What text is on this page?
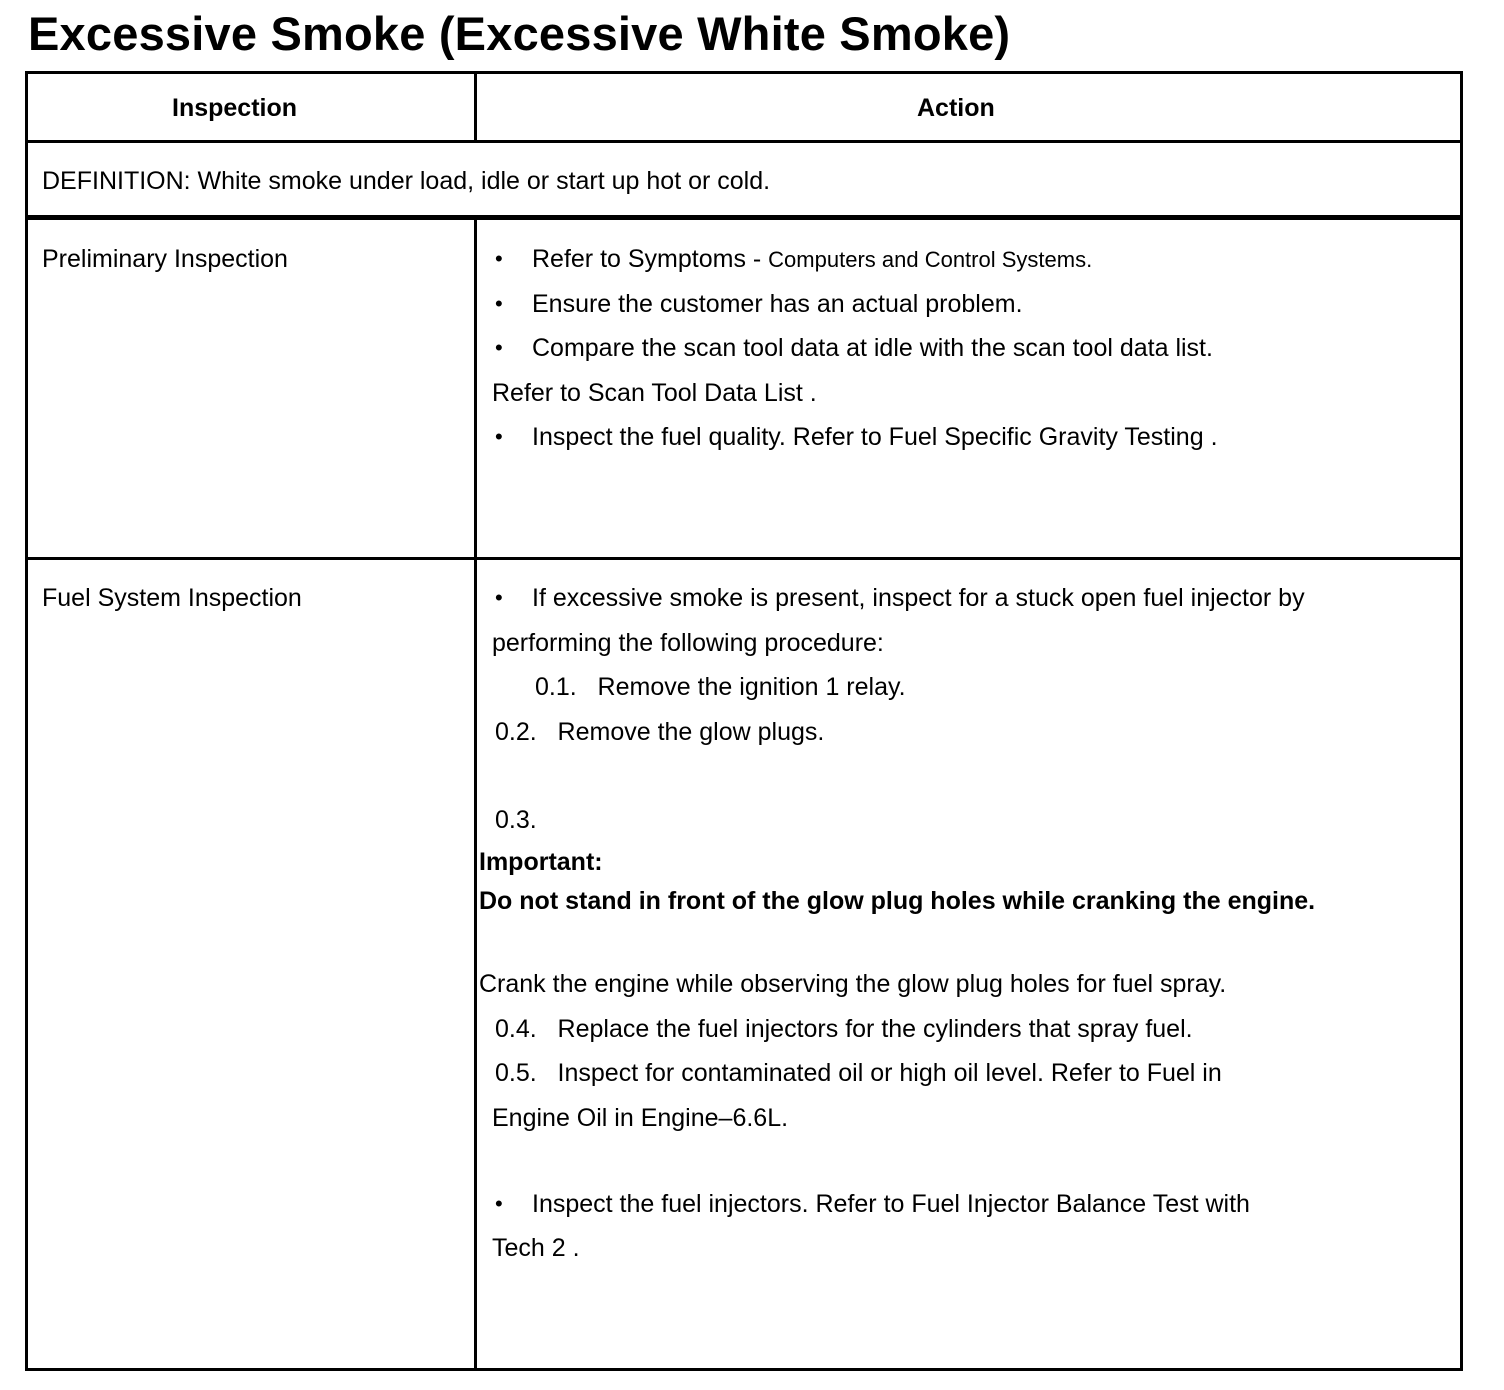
Excessive Smoke (Excessive White Smoke)
Inspection	Action
DEFINITION: White smoke under load, idle or start up hot or cold.
Preliminary Inspection	• Refer to Symptoms - Computers and Control Systems.
• Ensure the customer has an actual problem.
• Compare the scan tool data at idle with the scan tool data list.
Refer to Scan Tool Data List .
• Inspect the fuel quality. Refer to Fuel Specific Gravity Testing .
Fuel System Inspection	• If excessive smoke is present, inspect for a stuck open fuel injector by
performing the following procedure:
0.1.   Remove the ignition 1 relay.
0.2.   Remove the glow plugs.
0.3.
Important:
Do not stand in front of the glow plug holes while cranking the engine.
Crank the engine while observing the glow plug holes for fuel spray.
0.4.   Replace the fuel injectors for the cylinders that spray fuel.
0.5.   Inspect for contaminated oil or high oil level. Refer to Fuel in
Engine Oil in Engine–6.6L.
• Inspect the fuel injectors. Refer to Fuel Injector Balance Test with
Tech 2 .
